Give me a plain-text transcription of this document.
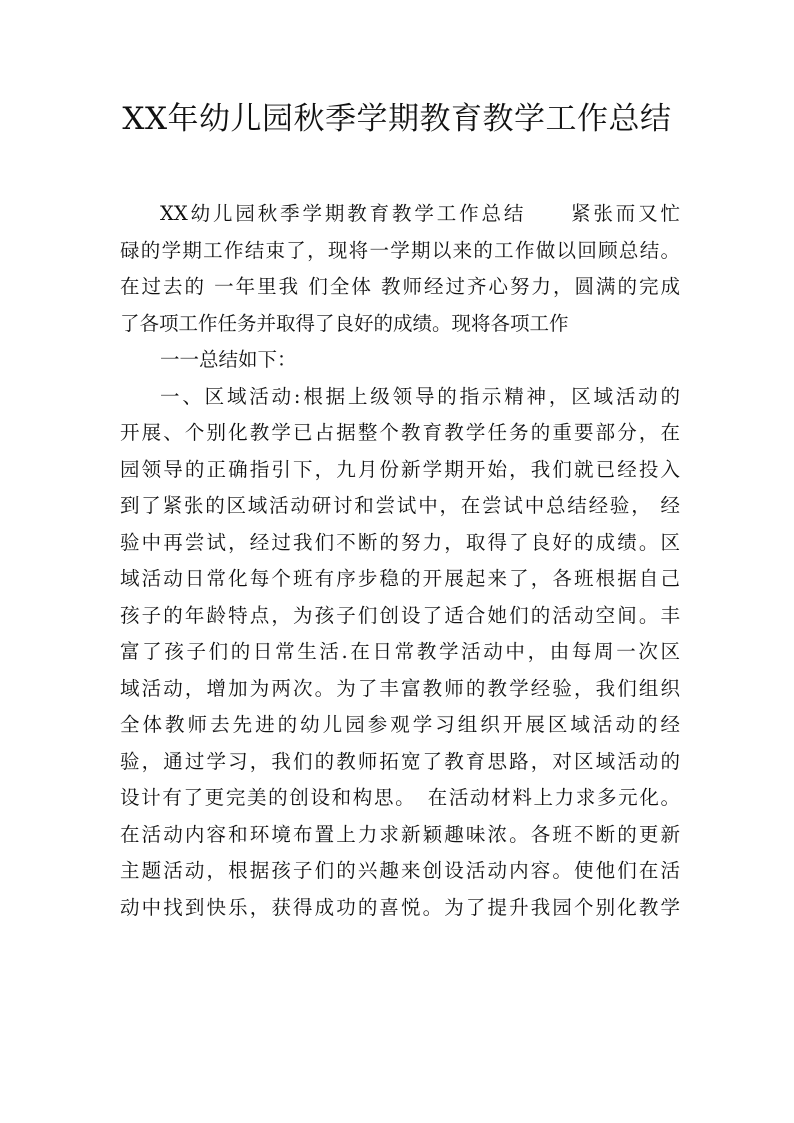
XX年幼儿园秋季学期教育教学工作总结
XX幼儿园秋季学期教育教学工作总结　　紧张而又忙
碌的学期工作结束了，现将一学期以来的工作做以回顾总结。
在过去的 一年里我 们全体 教师经过齐心努力，圆满的完成
了各项工作任务并取得了良好的成绩。现将各项工作
一一总结如下：
一、区域活动:根据上级领导的指示精神，区域活动的
开展、个别化教学已占据整个教育教学任务的重要部分，在
园领导的正确指引下，九月份新学期开始，我们就已经投入
到了紧张的区域活动研讨和尝试中，在尝试中总结经验， 经
验中再尝试，经过我们不断的努力，取得了良好的成绩。区
域活动日常化每个班有序步稳的开展起来了，各班根据自己
孩子的年龄特点，为孩子们创设了适合她们的活动空间。丰
富了孩子们的日常生活.在日常教学活动中，由每周一次区
域活动，增加为两次。为了丰富教师的教学经验，我们组织
全体教师去先进的幼儿园参观学习组织开展区域活动的经
验，通过学习，我们的教师拓宽了教育思路，对区域活动的
设计有了更完美的创设和构思。　在活动材料上力求多元化。
在活动内容和环境布置上力求新颖趣味浓。各班不断的更新
主题活动，根据孩子们的兴趣来创设活动内容。使他们在活
动中找到快乐，获得成功的喜悦。为了提升我园个别化教学
